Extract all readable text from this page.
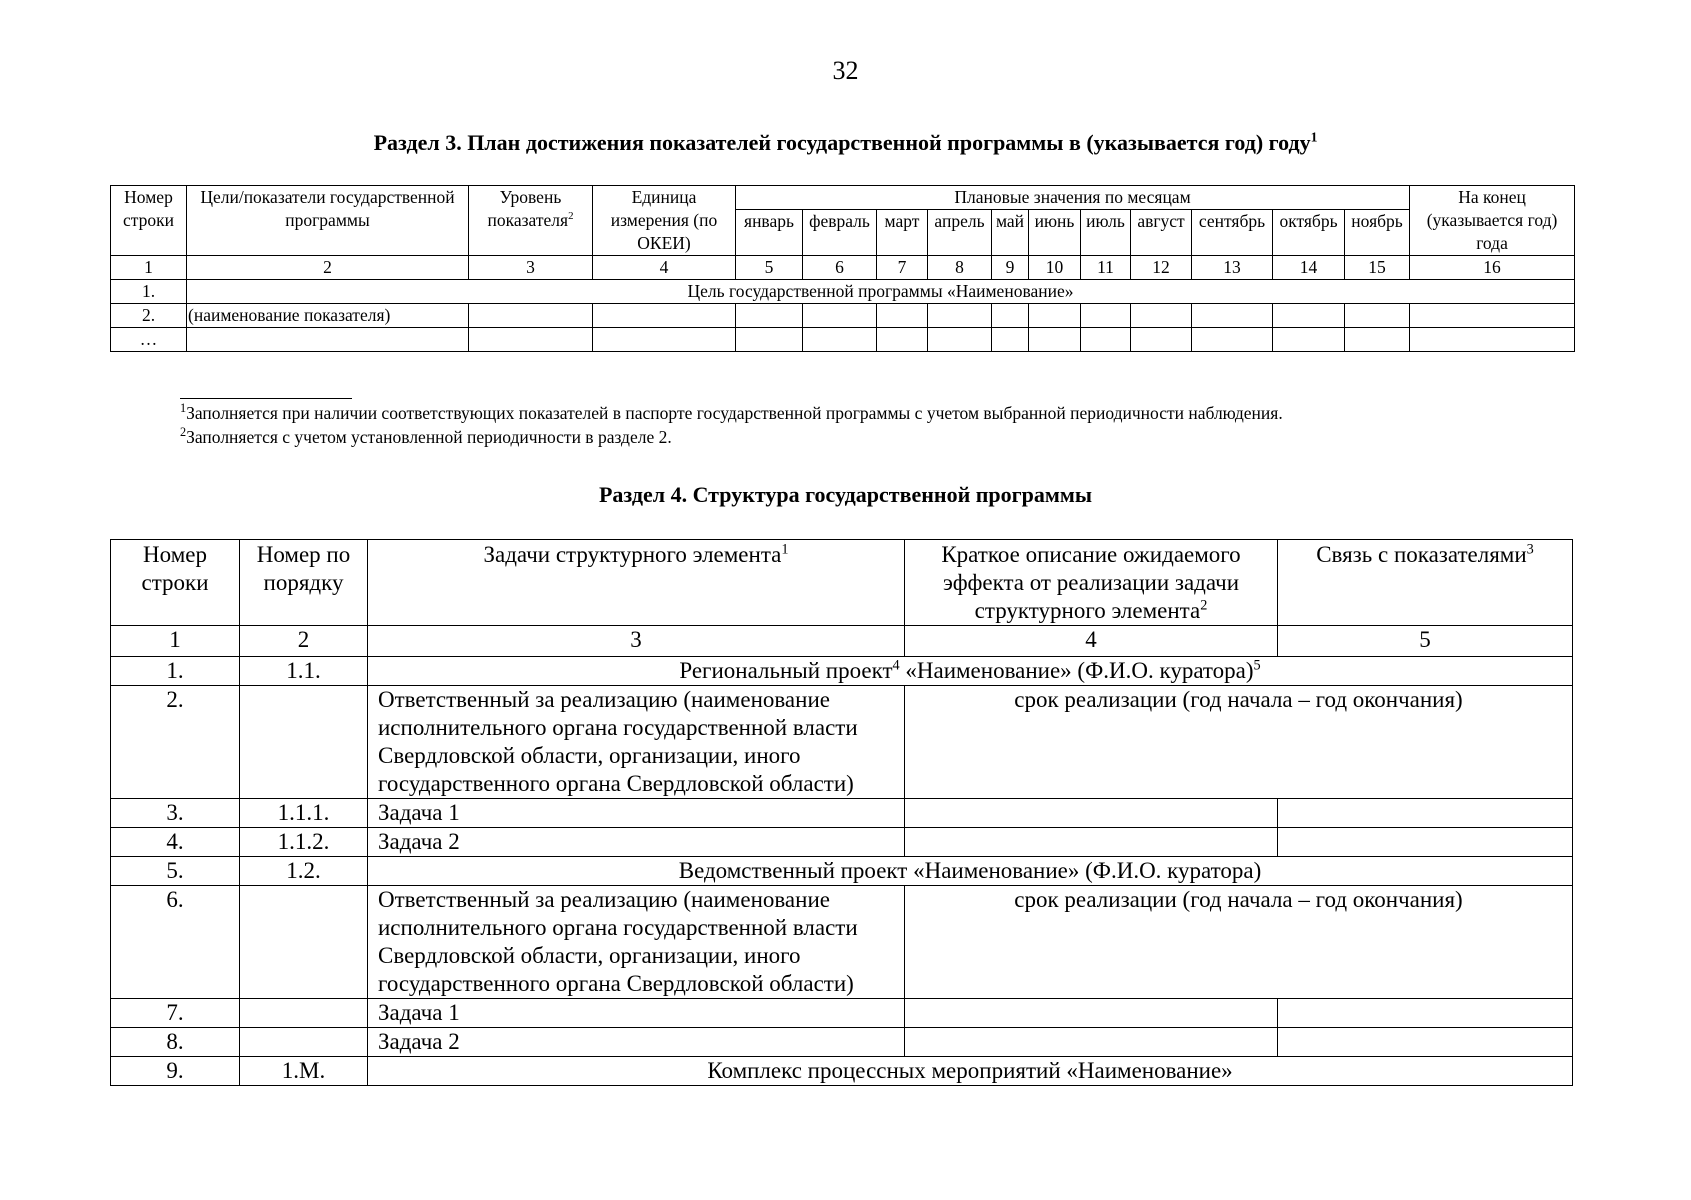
32
Раздел 3. План достижения показателей государственной программы в (указывается год) году$^1$
Номер строки	Цели/показатели государственной программы	Уровень показателя$^2$	Единица измерения (по ОКЕИ)	Плановые значения по месяцам											На конец (указывается год) года
				январь	февраль	март	апрель	май	июнь	июль	август	сентябрь	октябрь	ноябрь	
1	2	3	4	5	6	7	8	9	10	11	12	13	14	15	16
1.	Цель государственной программы «Наименование»														
2.	(наименование показателя)														
…															
$^1$Заполняется при наличии соответствующих показателей в паспорте государственной программы с учетом выбранной периодичности наблюдения.
$^2$Заполняется с учетом установленной периодичности в разделе 2.
Раздел 4. Структура государственной программы
Номер строки	Номер по порядку	Задачи структурного элемента$^1$	Краткое описание ожидаемого эффекта от реализации задачи структурного элемента$^2$	Связь с показателями$^3$
1	2	3	4	5
1.	1.1.	Региональный проект$^4$ «Наименование» (Ф.И.О. куратора)$^5$
2.		Ответственный за реализацию (наименование исполнительного органа государственной власти Свердловской области, организации, иного государственного органа Свердловской области)	срок реализации (год начала – год окончания)	
3.	1.1.1.	Задача 1		
4.	1.1.2.	Задача 2		
5.	1.2.	Ведомственный проект «Наименование» (Ф.И.О. куратора)		
6.		Ответственный за реализацию (наименование исполнительного органа государственной власти Свердловской области, организации, иного государственного органа Свердловской области)	срок реализации (год начала – год окончания)	
7.		Задача 1		
8.		Задача 2		
9.	1.М.	Комплекс процессных мероприятий «Наименование»		
